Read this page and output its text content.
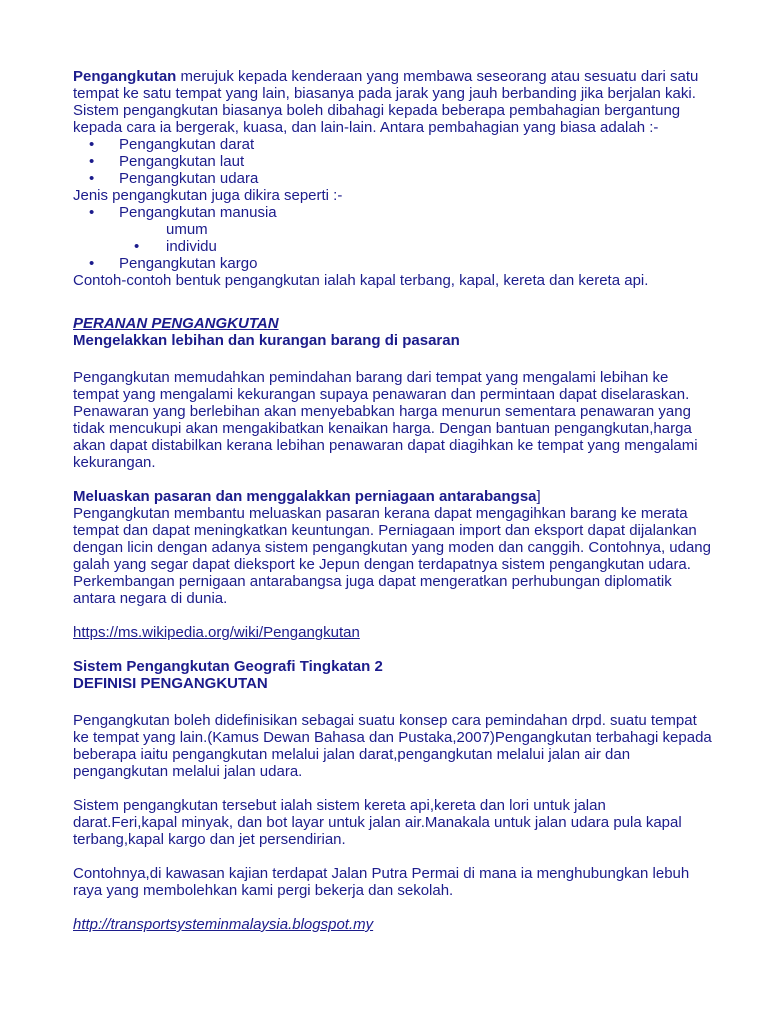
Pengangkutan merujuk kepada kenderaan yang membawa seseorang atau sesuatu dari satu tempat ke satu tempat yang lain, biasanya pada jarak yang jauh berbanding jika berjalan kaki. Sistem pengangkutan biasanya boleh dibahagi kepada beberapa pembahagian bergantung kepada cara ia bergerak, kuasa, dan lain-lain. Antara pembahagian yang biasa adalah :-

• Pengangkutan darat
• Pengangkutan laut
• Pengangkutan udara

Jenis pengangkutan juga dikira seperti :-

• Pengangkutan manusia

umum

• individu

• Pengangkutan kargo

Contoh-contoh bentuk pengangkutan ialah kapal terbang, kapal, kereta dan kereta api.

PERANAN PENGANGKUTAN

Mengelakkan lebihan dan kurangan barang di pasaran

Pengangkutan memudahkan pemindahan barang dari tempat yang mengalami lebihan ke tempat yang mengalami kekurangan supaya penawaran dan permintaan dapat diselaraskan. Penawaran yang berlebihan akan menyebabkan harga menurun sementara penawaran yang tidak mencukupi akan mengakibatkan kenaikan harga. Dengan bantuan pengangkutan,harga akan dapat distabilkan kerana lebihan penawaran dapat diagihkan ke tempat yang mengalami kekurangan.

Meluaskan pasaran dan menggalakkan perniagaan antarabangsa]

Pengangkutan membantu meluaskan pasaran kerana dapat mengagihkan barang ke merata tempat dan dapat meningkatkan keuntungan. Perniagaan import dan eksport dapat dijalankan dengan licin dengan adanya sistem pengangkutan yang moden dan canggih. Contohnya, udang galah yang segar dapat dieksport ke Jepun dengan terdapatnya sistem pengangkutan udara. Perkembangan pernigaan antarabangsa juga dapat mengeratkan perhubungan diplomatik antara negara di dunia.

https://ms.wikipedia.org/wiki/Pengangkutan

Sistem Pengangkutan Geografi Tingkatan 2

DEFINISI PENGANGKUTAN

Pengangkutan boleh didefinisikan sebagai suatu konsep cara pemindahan drpd. suatu tempat ke tempat yang lain.(Kamus Dewan Bahasa dan Pustaka,2007)Pengangkutan terbahagi kepada beberapa iaitu pengangkutan melalui jalan darat,pengangkutan melalui jalan air dan pengangkutan melalui jalan udara.

Sistem pengangkutan tersebut ialah sistem kereta api,kereta dan lori untuk jalan darat.Feri,kapal minyak, dan bot layar untuk jalan air.Manakala untuk jalan udara pula kapal terbang,kapal kargo dan jet persendirian.

Contohnya,di kawasan kajian terdapat Jalan Putra Permai di mana ia menghubungkan lebuh raya yang membolehkan kami pergi bekerja dan sekolah.

http://transportsysteminmalaysia.blogspot.my
